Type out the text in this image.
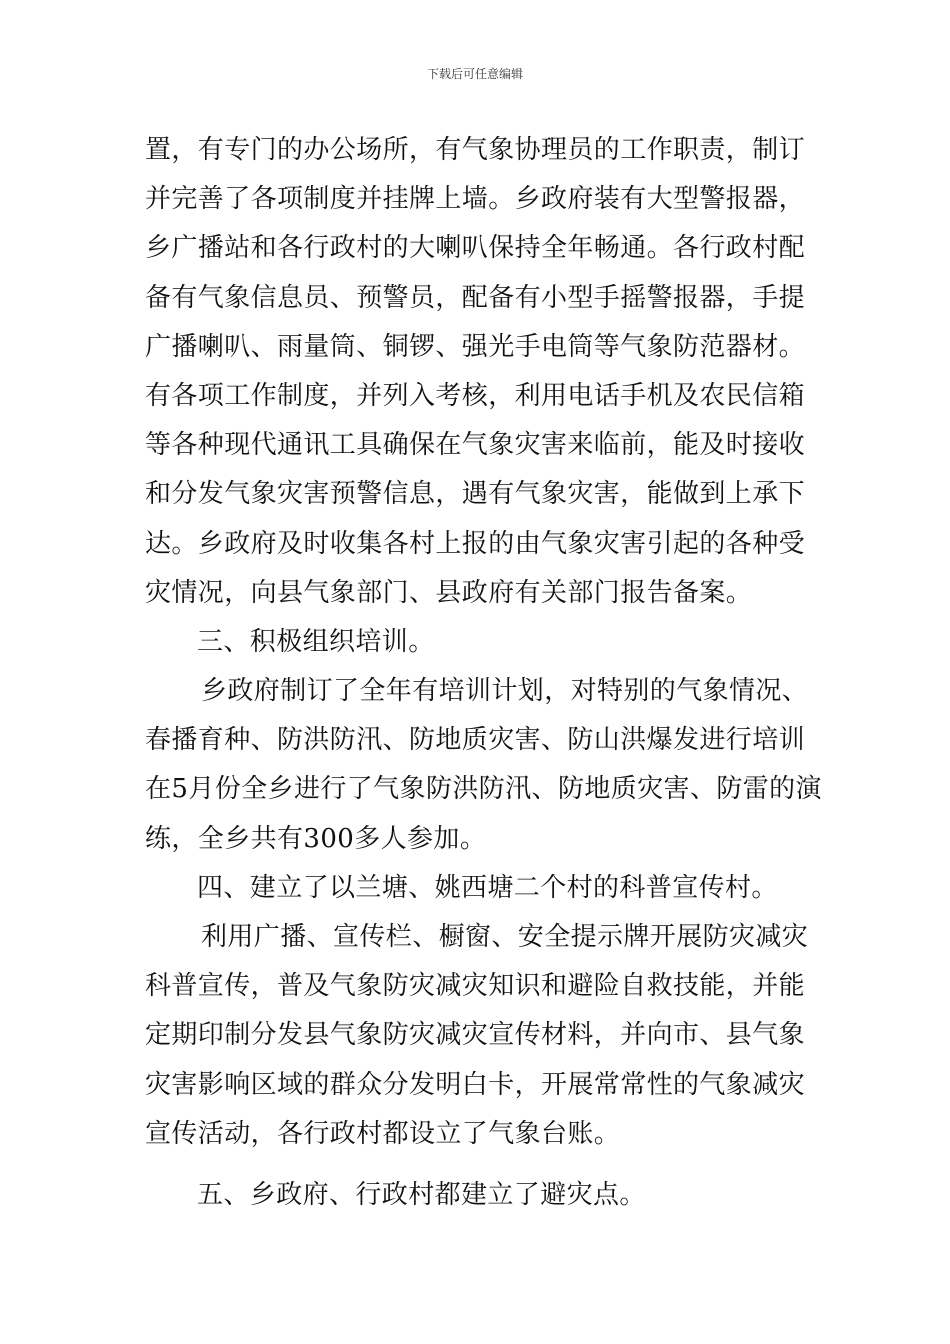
下载后可任意编辑
置，有专门的办公场所，有气象协理员的工作职责，制订
并完善了各项制度并挂牌上墙。乡政府装有大型警报器，
乡广播站和各行政村的大喇叭保持全年畅通。各行政村配
备有气象信息员、预警员，配备有小型手摇警报器，手提
广播喇叭、雨量筒、铜锣、强光手电筒等气象防范器材。
有各项工作制度，并列入考核，利用电话手机及农民信箱
等各种现代通讯工具确保在气象灾害来临前，能及时接收
和分发气象灾害预警信息，遇有气象灾害，能做到上承下
达。乡政府及时收集各村上报的由气象灾害引起的各种受
灾情况，向县气象部门、县政府有关部门报告备案。
三、积极组织培训。
乡政府制订了全年有培训计划，对特别的气象情况、
春播育种、防洪防汛、防地质灾害、防山洪爆发进行培训
在5月份全乡进行了气象防洪防汛、防地质灾害、防雷的演
练，全乡共有300多人参加。
四、建立了以兰塘、姚西塘二个村的科普宣传村。
利用广播、宣传栏、橱窗、安全提示牌开展防灾减灾
科普宣传，普及气象防灾减灾知识和避险自救技能，并能
定期印制分发县气象防灾减灾宣传材料，并向市、县气象
灾害影响区域的群众分发明白卡，开展常常性的气象减灾
宣传活动，各行政村都设立了气象台账。
五、乡政府、行政村都建立了避灾点。
